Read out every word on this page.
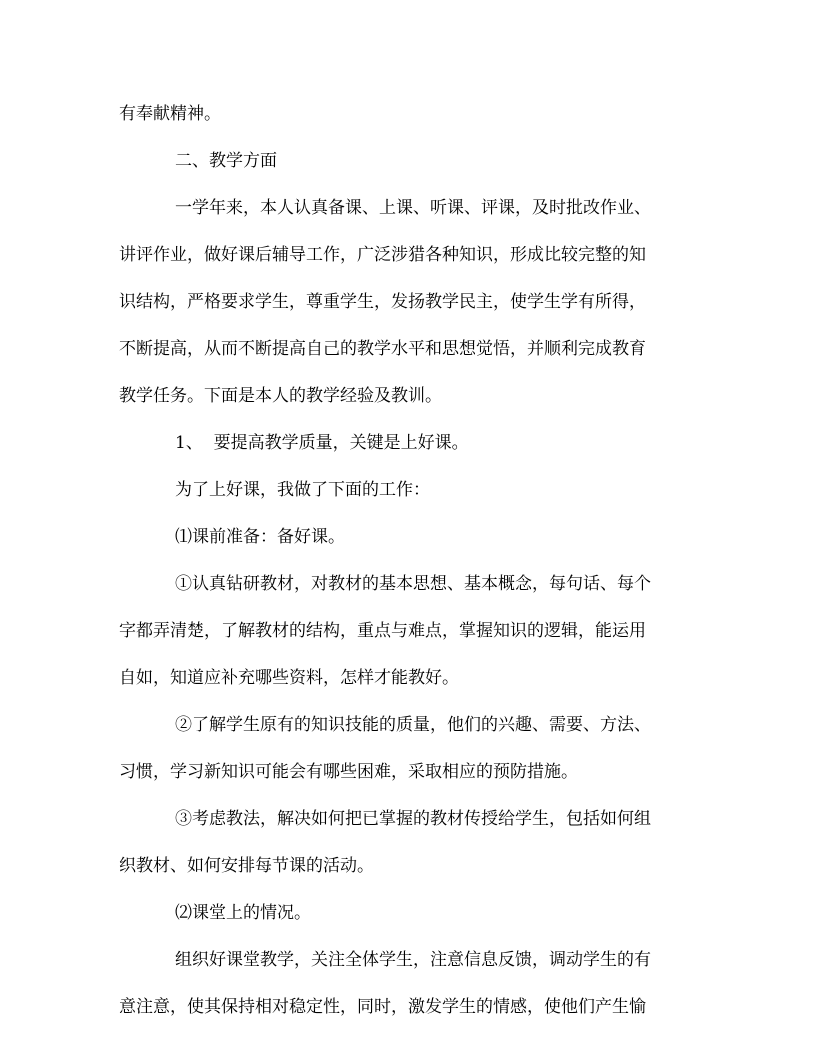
有奉献精神。
二、教学方面
一学年来，本人认真备课、上课、听课、评课，及时批改作业、
讲评作业，做好课后辅导工作，广泛涉猎各种知识，形成比较完整的知
识结构，严格要求学生，尊重学生，发扬教学民主，使学生学有所得，
不断提高，从而不断提高自己的教学水平和思想觉悟，并顺利完成教育
教学任务。下面是本人的教学经验及教训。
1、  要提高教学质量，关键是上好课。
为了上好课，我做了下面的工作：
⑴课前准备：备好课。
①认真钻研教材，对教材的基本思想、基本概念，每句话、每个
字都弄清楚，了解教材的结构，重点与难点，掌握知识的逻辑，能运用
自如，知道应补充哪些资料，怎样才能教好。
②了解学生原有的知识技能的质量，他们的兴趣、需要、方法、
习惯，学习新知识可能会有哪些困难，采取相应的预防措施。
③考虑教法，解决如何把已掌握的教材传授给学生，包括如何组
织教材、如何安排每节课的活动。
⑵课堂上的情况。
组织好课堂教学，关注全体学生，注意信息反馈，调动学生的有
意注意，使其保持相对稳定性，同时，激发学生的情感，使他们产生愉
